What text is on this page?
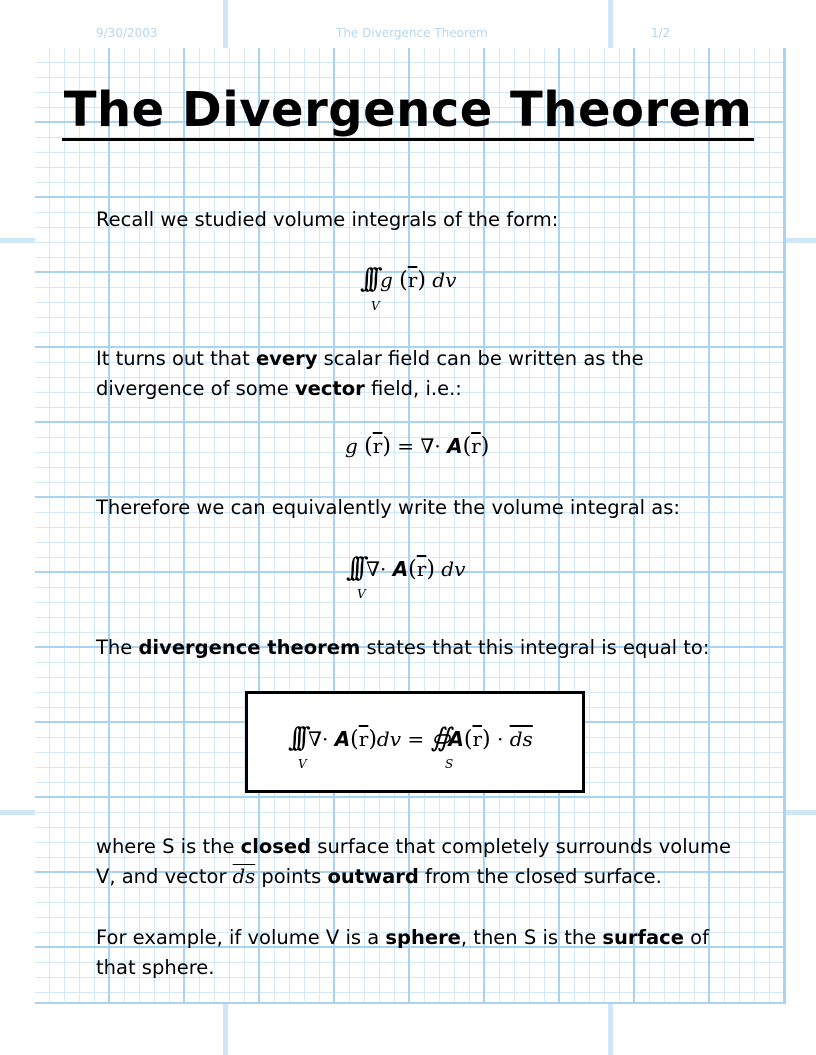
9/30/2003	The Divergence Theorem	1/2
The Divergence Theorem
Recall we studied volume integrals of the form:
∫∫∫ g $(\overline{r})$ dv
V
It turns out that every scalar field can be written as the divergence of some vector field, i.e.:
g $(\overline{r})$ = ∇· $A(\overline{r})$
Therefore we can equivalently write the volume integral as:
∫∫∫ ∇· $A(\overline{r})$ dv
V
The divergence theorem states that this integral is equal to:
∫∫∫ ∇· $A(\overline{r})dv$ = ∯ $A(\overline{r}) \cdot \overline{ds}$
V	S
where S is the closed surface that completely surrounds volume V, and vector $\overline{ds}$ points outward from the closed surface.
For example, if volume V is a sphere, then S is the surface of that sphere.
